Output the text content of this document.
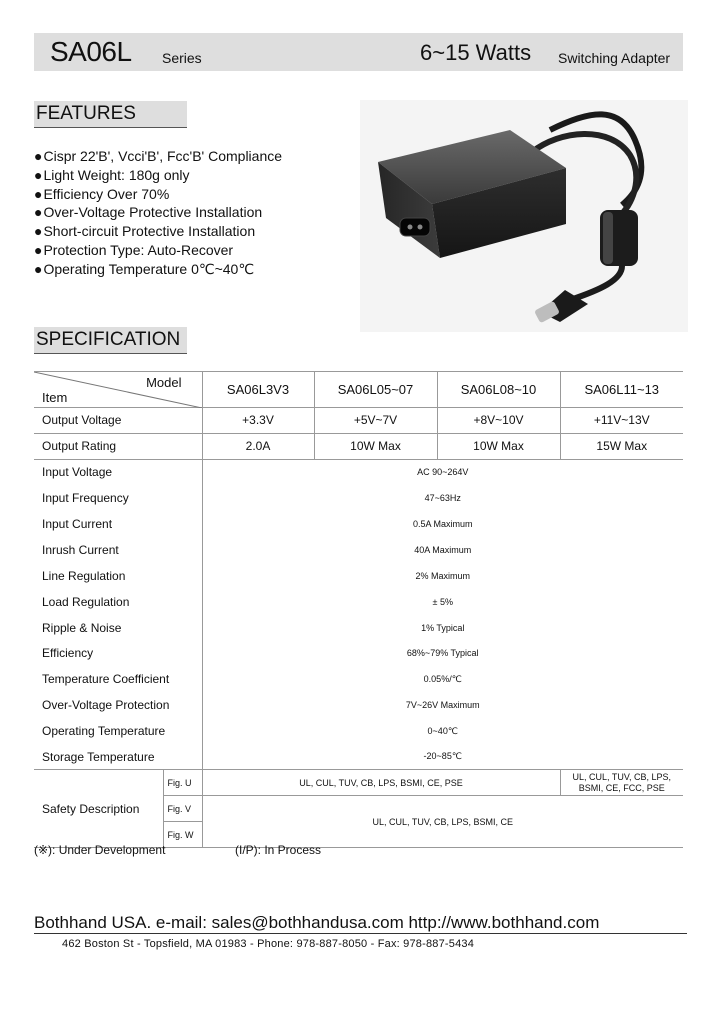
SA06L Series	6~15 Watts Switching Adapter
FEATURES
●Cispr 22'B', Vcci'B', Fcc'B' Compliance
●Light Weight: 180g only
●Efficiency Over 70%
●Over-Voltage Protective Installation
●Short-circuit Protective Installation
●Protection Type: Auto-Recover
●Operating Temperature 0℃~40℃
SPECIFICATION
Model
Item		SA06L3V3	SA06L05~07	SA06L08~10	SA06L11~13
Output Voltage		+3.3V	+5V~7V	+8V~10V	+11V~13V
Output Rating		2.0A	10W Max	10W Max	15W Max
Input Voltage		AC 90~264V			
Input Frequency		47~63Hz			
Input Current		0.5A Maximum			
Inrush Current		40A Maximum			
Line Regulation		2% Maximum			
Load Regulation		± 5%			
Ripple & Noise		1% Typical			
Efficiency		68%~79% Typical			
Temperature Coefficient		0.05%/℃			
Over-Voltage Protection		7V~26V Maximum			
Operating Temperature		0~40℃			
Storage Temperature		-20~85℃			
Safety Description	Fig. U	UL, CUL, TUV, CB, LPS, BSMI, CE, PSE			UL, CUL, TUV, CB, LPS,
BSMI, CE, FCC, PSE

	Fig. V	UL, CUL, TUV, CB, LPS, BSMI, CE			
	Fig. W				
(※): Under Development	(I/P): In Process
Bothhand USA. e-mail: sales@bothhandusa.com http://www.bothhand.com
462 Boston St - Topsfield, MA 01983 - Phone: 978-887-8050 - Fax: 978-887-5434
